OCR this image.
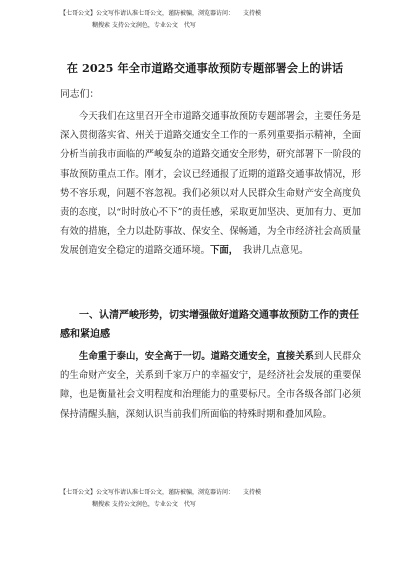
【七哥公文】公文写作请认准七哥公文，谨防被骗，浏览器访问：　　支持模
糊搜索 支持公文润色，专业公文　代写
在 2025 年全市道路交通事故预防专题部署会上的讲话
同志们：

今天我们在这里召开全市道路交通事故预防专题部署会，主要任务是深入贯彻落实省、州关于道路交通安全工作的一系列重要指示精神，全面分析当前我市面临的严峻复杂的道路交通安全形势，研究部署下一阶段的事故预防重点工作。刚才，会议已经通报了近期的道路交通事故情况，形势不容乐观，问题不容忽视。我们必须以对人民群众生命财产安全高度负责的态度，以“时时放心不下”的责任感，采取更加坚决、更加有力、更加有效的措施，全力以赴防事故、保安全、保畅通，为全市经济社会高质量发展创造安全稳定的道路交通环境。下面，　我讲几点意见。

一、认清严峻形势，切实增强做好道路交通事故预防工作的责任感和紧迫感

生命重于泰山，安全高于一切。道路交通安全，直接关系到人民群众的生命财产安全，关系到千家万户的幸福安宁，是经济社会发展的重要保障，也是衡量社会文明程度和治理能力的重要标尺。全市各级各部门必须保持清醒头脑，深刻认识当前我们所面临的特殊时期和叠加风险。

【七哥公文】公文写作请认准七哥公文，谨防被骗，浏览器访问：　　支持模
糊搜索 支持公文润色，专业公文　代写
